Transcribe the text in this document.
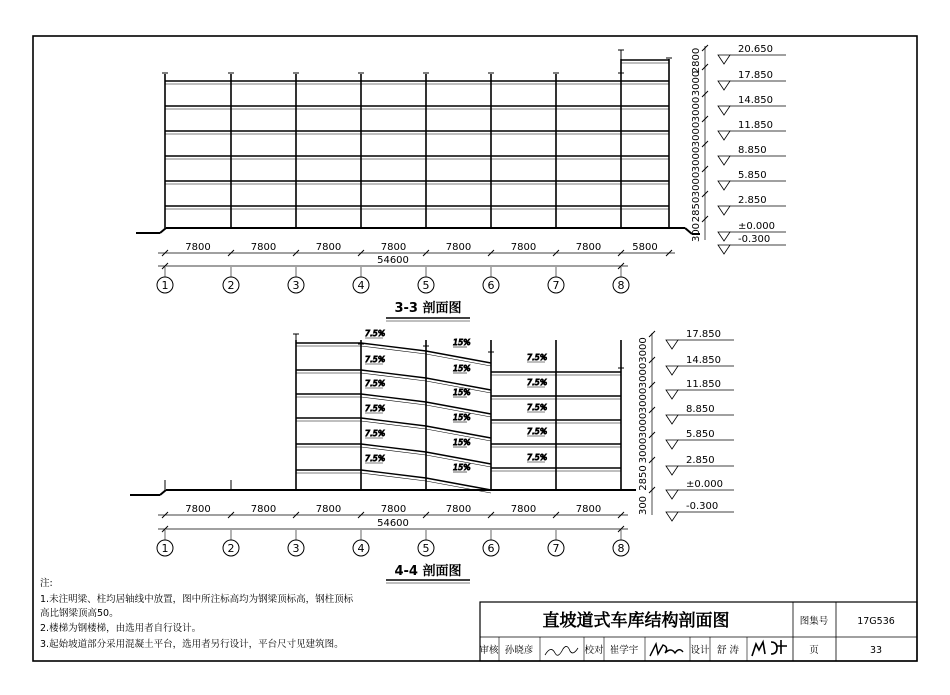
20.650
17.850
14.850
11.850
8.850
5.850
2.850
±0.000
-0.300
2800
3000
3000
3000
3000
3000
2850
300
7800	7800	7800	7800	7800	7800	7800	5800
54600
1	2	3	4	5	6	7	8
3-3 剖面图
7.5%
15%
7.5%
15%
7.5%
15%
7.5%
15%
7.5%
15%
7.5%
15%
7.5%
7.5%
7.5%
7.5%
7.5%
17.850
14.850
11.850
8.850
5.850
2.850
±0.000
-0.300
3000
3000
3000
3000
3000
2850
300
7800	7800	7800	7800	7800	7800	7800
54600
1	2	3	4	5	6	7	8
4-4 剖面图
注:
1.未注明梁、柱均居轴线中放置，图中所注标高均为钢梁顶标高，钢柱顶标
高比钢梁顶高50。
2.楼梯为钢楼梯，由选用者自行设计。
3.起始坡道部分采用混凝土平台，选用者另行设计，平台尺寸见建筑图。
直坡道式车库结构剖面图	图集号	17G536
审核 孙晓彦	校对 崔学宇	设计 舒 涛	页	33
